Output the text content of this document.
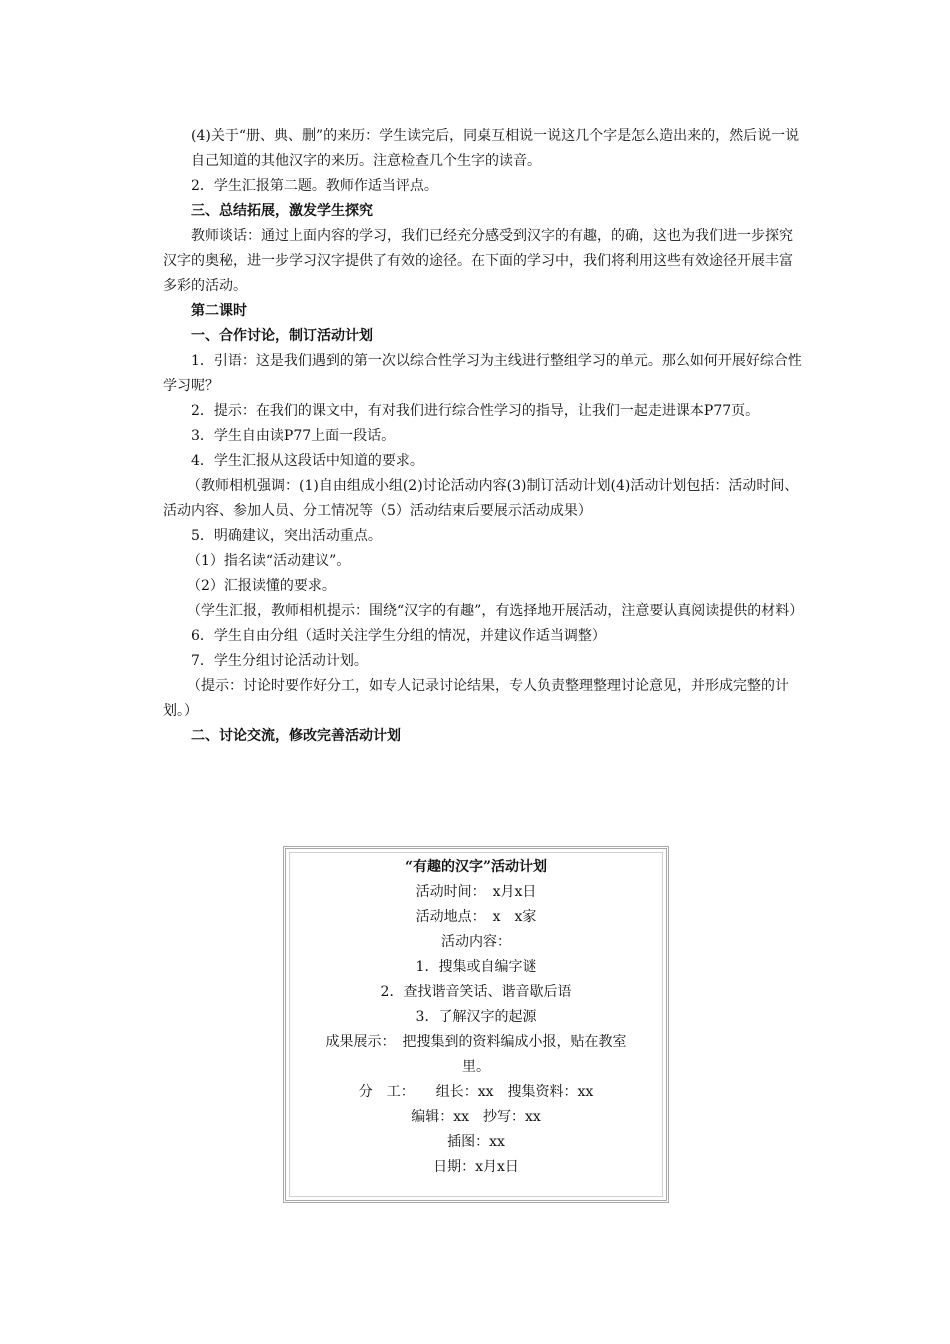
(4)关于“册、典、删”的来历：学生读完后，同桌互相说一说这几个字是怎么造出来的，然后说一说

自己知道的其他汉字的来历。注意检查几个生字的读音。

2．学生汇报第二题。教师作适当评点。

三、总结拓展，激发学生探究

教师谈话：通过上面内容的学习，我们已经充分感受到汉字的有趣，的确，这也为我们进一步探究汉字的奥秘，进一步学习汉字提供了有效的途径。在下面的学习中，我们将利用这些有效途径开展丰富多彩的活动。

第二课时

一、合作讨论，制订活动计划

1．引语：这是我们遇到的第一次以综合性学习为主线进行整组学习的单元。那么如何开展好综合性学习呢？

2．提示：在我们的课文中，有对我们进行综合性学习的指导，让我们一起走进课本P77页。

3．学生自由读P77上面一段话。

4．学生汇报从这段话中知道的要求。

（教师相机强调：(1)自由组成小组(2)讨论活动内容(3)制订活动计划(4)活动计划包括：活动时间、活动内容、参加人员、分工情况等（5）活动结束后要展示活动成果）

5．明确建议，突出活动重点。

（1）指名读“活动建议”。

（2）汇报读懂的要求。

（学生汇报，教师相机提示：围绕“汉字的有趣”，有选择地开展活动，注意要认真阅读提供的材料）

6．学生自由分组（适时关注学生分组的情况，并建议作适当调整）

7．学生分组讨论活动计划。

（提示：讨论时要作好分工，如专人记录讨论结果，专人负责整理整理讨论意见，并形成完整的计划。）

二、讨论交流，修改完善活动计划

“有趣的汉字”活动计划
活动时间：　x月x日
活动地点：　x　x家
活动内容：
1．搜集或自编字谜
2．查找谐音笑话、谐音歇后语
3．了解汉字的起源
成果展示：　把搜集到的资料编成小报，贴在教室
里。
分　工：　　组长：xx　搜集资料：xx
编辑：xx　抄写：xx
插图：xx
日期：x月x日
